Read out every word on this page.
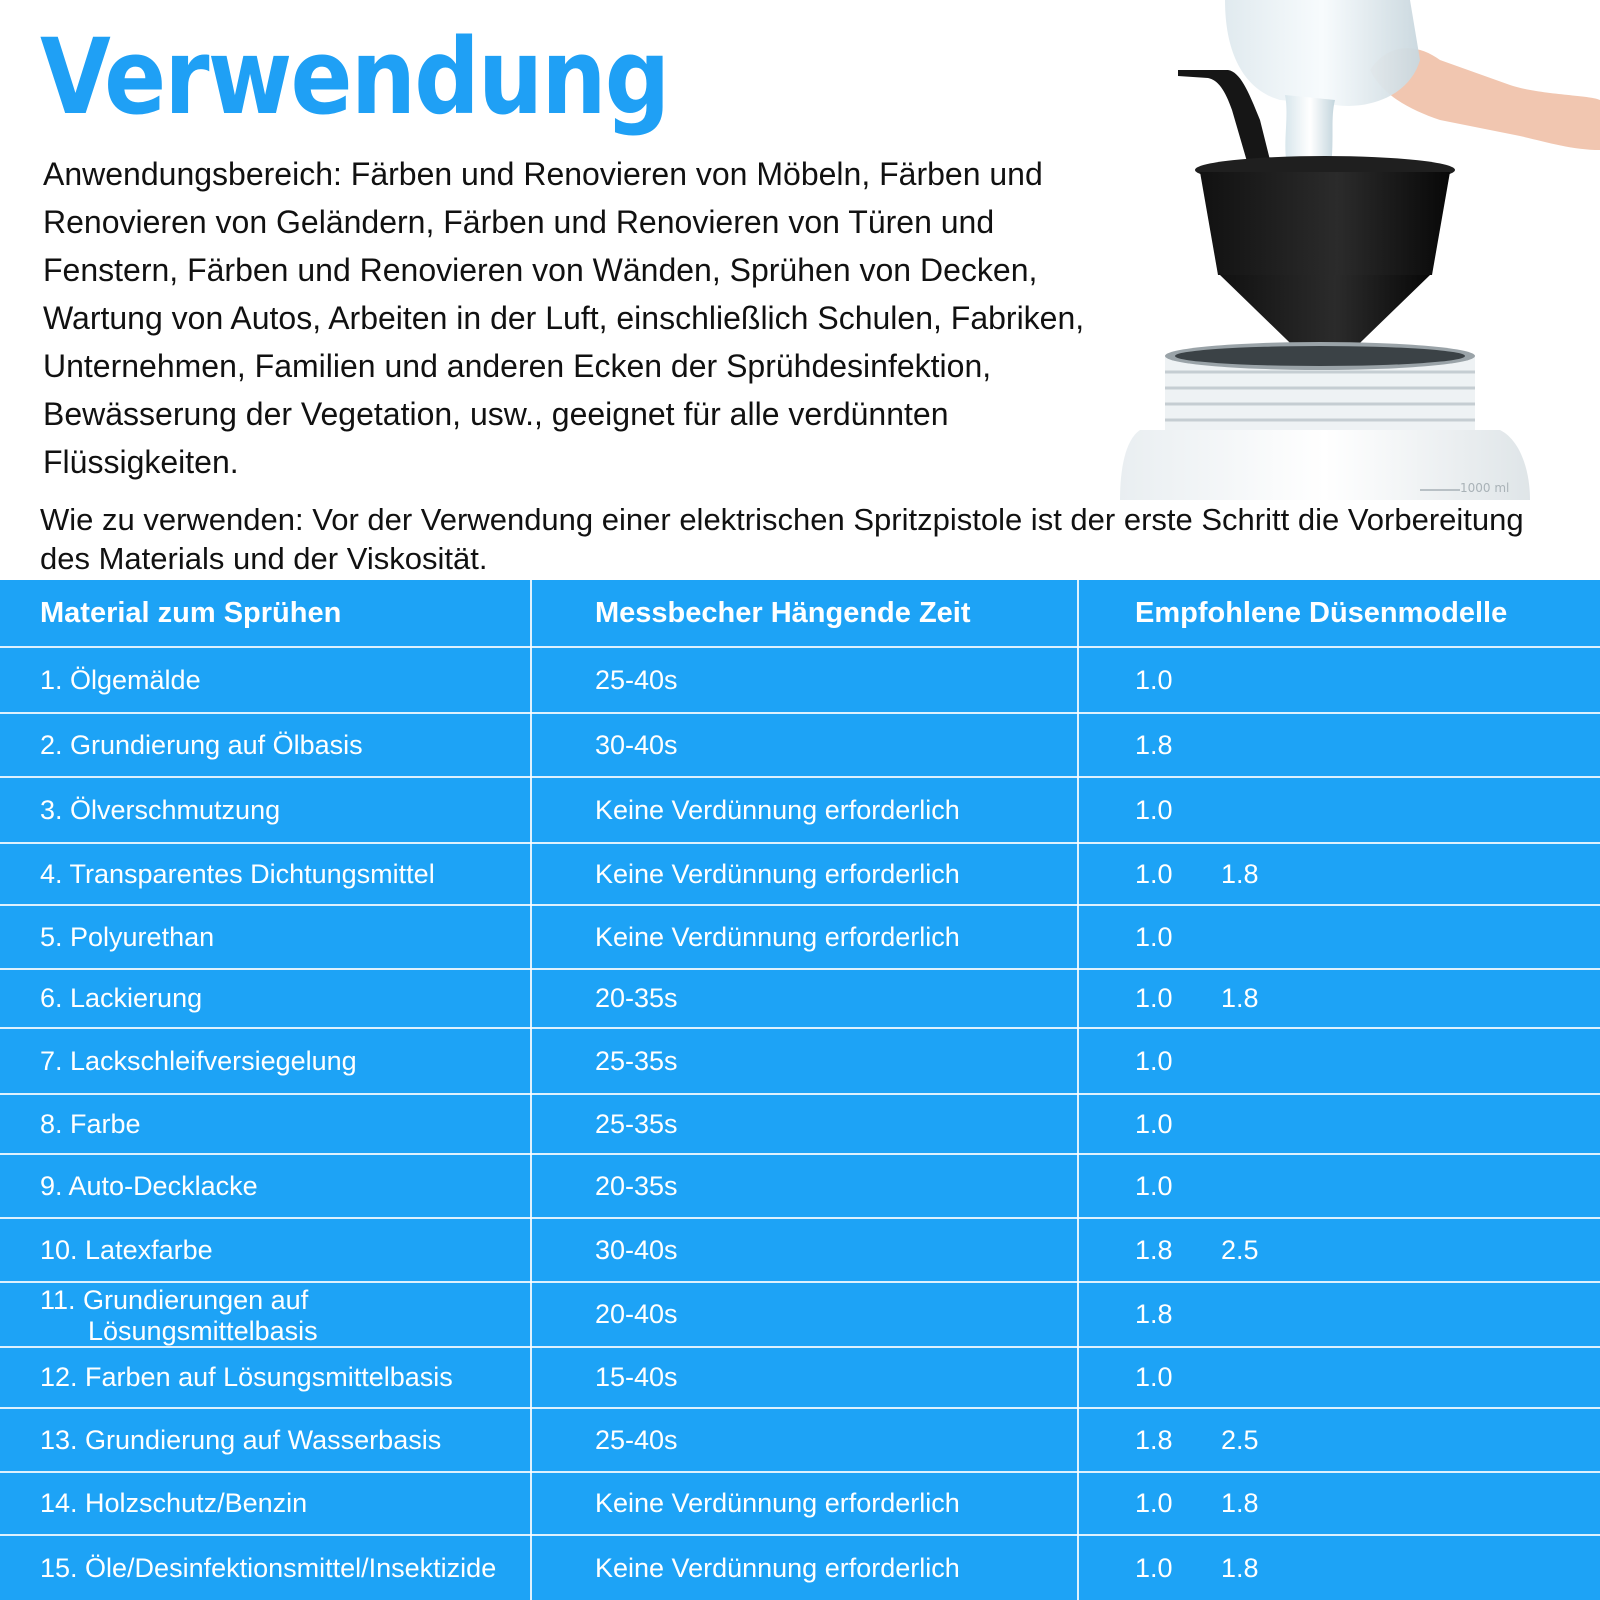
Verwendung

Anwendungsbereich: Färben und Renovieren von Möbeln, Färben und Renovieren von Geländern, Färben und Renovieren von Türen und Fenstern, Färben und Renovieren von Wänden, Sprühen von Decken, Wartung von Autos, Arbeiten in der Luft, einschließlich Schulen, Fabriken, Unternehmen, Familien und anderen Ecken der Sprühdesinfektion, Bewässerung der Vegetation, usw., geeignet für alle verdünnten Flüssigkeiten.

Wie zu verwenden: Vor der Verwendung einer elektrischen Spritzpistole ist der erste Schritt die Vorbereitung des Materials und der Viskosität.

1000 ml
Material zum Sprühen	Messbecher Hängende Zeit	Empfohlene Düsenmodelle
1. Ölgemälde	25-40s	1.0
2. Grundierung auf Ölbasis	30-40s	1.8
3. Ölverschmutzung	Keine Verdünnung erforderlich	1.0
4. Transparentes Dichtungsmittel	Keine Verdünnung erforderlich	1.0	1.8
5. Polyurethan	Keine Verdünnung erforderlich	1.0
6. Lackierung	20-35s	1.0	1.8
7. Lackschleifversiegelung	25-35s	1.0
8. Farbe	25-35s	1.0
9. Auto-Decklacke	20-35s	1.0
10. Latexfarbe	30-40s	1.8	2.5
11. Grundierungen auf
Lösungsmittelbasis
20-40s	1.8
12. Farben auf Lösungsmittelbasis	15-40s	1.0
13. Grundierung auf Wasserbasis	25-40s	1.8	2.5
14. Holzschutz/Benzin	Keine Verdünnung erforderlich	1.0	1.8
15. Öle/Desinfektionsmittel/Insektizide	Keine Verdünnung erforderlich	1.0	1.8
